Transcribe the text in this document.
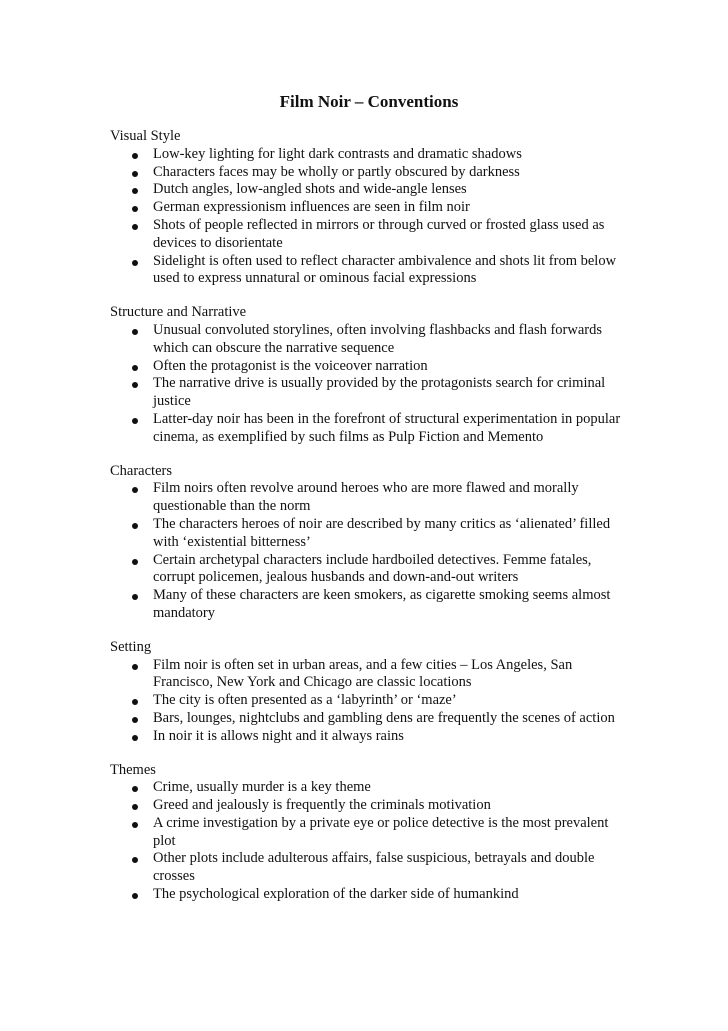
Film Noir – Conventions

Visual Style

Low-key lighting for light dark contrasts and dramatic shadows
Characters faces may be wholly or partly obscured by darkness
Dutch angles, low-angled shots and wide-angle lenses
German expressionism influences are seen in film noir
Shots of people reflected in mirrors or through curved or frosted glass used as devices to disorientate
Sidelight is often used to reflect character ambivalence and shots lit from below used to express unnatural or ominous facial expressions

Structure and Narrative

Unusual convoluted storylines, often involving flashbacks and flash forwards which can obscure the narrative sequence
Often the protagonist is the voiceover narration
The narrative drive is usually provided by the protagonists search for criminal justice
Latter-day noir has been in the forefront of structural experimentation in popular cinema, as exemplified by such films as Pulp Fiction and Memento

Characters

Film noirs often revolve around heroes who are more flawed and morally questionable than the norm
The characters heroes of noir are described by many critics as ‘alienated’ filled with ‘existential bitterness’
Certain archetypal characters include hardboiled detectives. Femme fatales, corrupt policemen, jealous husbands and down-and-out writers
Many of these characters are keen smokers, as cigarette smoking seems almost mandatory

Setting

Film noir is often set in urban areas, and a few cities – Los Angeles, San Francisco, New York and Chicago are classic locations
The city is often presented as a ‘labyrinth’ or ‘maze’
Bars, lounges, nightclubs and gambling dens are frequently the scenes of action
In noir it is allows night and it always rains

Themes

Crime, usually murder is a key theme
Greed and jealously is frequently the criminals motivation
A crime investigation by a private eye or police detective is the most prevalent plot
Other plots include adulterous affairs, false suspicious, betrayals and double crosses
The psychological exploration of the darker side of humankind
